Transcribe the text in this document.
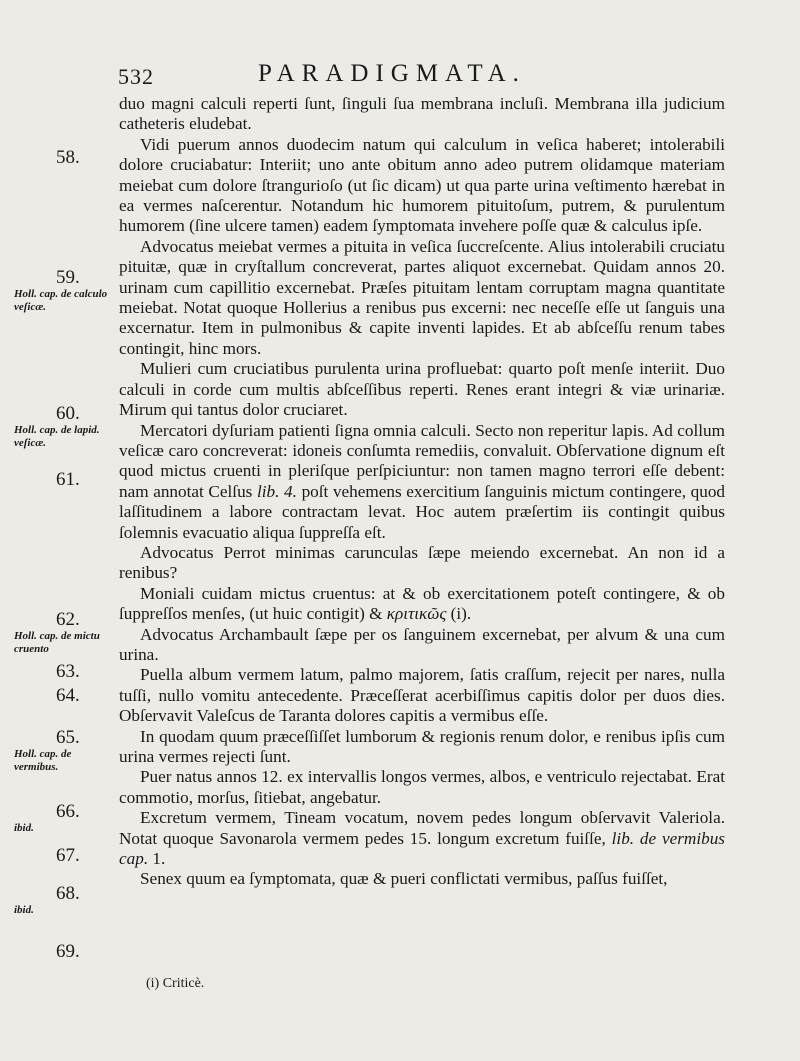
532	PARADIGMATA.

duo magni calculi reperti ſunt, ſinguli ſua membrana incluſi. Membrana illa judicium catheteris eludebat.

Vidi puerum annos duodecim natum qui calculum in veſica haberet; intolerabili dolore cruciabatur: Interiit; uno ante obitum anno adeo putrem olidamque materiam meiebat cum dolore ſtrangurioſo (ut ſic dicam) ut qua parte urina veſtimento hærebat in ea vermes naſcerentur. Notandum hic humorem pituitoſum, putrem, & purulentum humorem (ſine ulcere tamen) eadem ſymptomata invehere poſſe quæ & calculus ipſe.

Advocatus meiebat vermes a pituita in veſica ſuccreſcente. Alius intolerabili cruciatu pituitæ, quæ in cryſtallum concreverat, partes aliquot excernebat. Quidam annos 20. urinam cum capillitio excernebat. Præſes pituitam lentam corruptam magna quantitate meiebat. Notat quoque Hollerius a renibus pus excerni: nec neceſſe eſſe ut ſanguis una excernatur. Item in pulmonibus & capite inventi lapides. Et ab abſceſſu renum tabes contingit, hinc mors.

Mulieri cum cruciatibus purulenta urina profluebat: quarto poſt menſe interiit. Duo calculi in corde cum multis abſceſſibus reperti. Renes erant integri & viæ urinariæ. Mirum qui tantus dolor cruciaret.

Mercatori dyſuriam patienti ſigna omnia calculi. Secto non reperitur lapis. Ad collum veſicæ caro concreverat: idoneis conſumta remediis, convaluit. Obſervatione dignum eſt quod mictus cruenti in pleriſque perſpiciuntur: non tamen magno terrori eſſe debent: nam annotat Celſus lib. 4. poſt vehemens exercitium ſanguinis mictum contingere, quod laſſitudinem a labore contractam levat. Hoc autem præſertim iis contingit quibus ſolemnis evacuatio aliqua ſuppreſſa eſt.

Advocatus Perrot minimas carunculas ſæpe meiendo excernebat. An non id a renibus?

Moniali cuidam mictus cruentus: at & ob exercitationem poteſt contingere, & ob ſuppreſſos menſes, (ut huic contigit) & κριτικῶς (i).

Advocatus Archambault ſæpe per os ſanguinem excernebat, per alvum & una cum urina.

Puella album vermem latum, palmo majorem, ſatis craſſum, rejecit per nares, nulla tuſſi, nullo vomitu antecedente. Præceſſerat acerbiſſimus capitis dolor per duos dies. Obſervavit Valeſcus de Taranta dolores capitis a vermibus eſſe.

In quodam quum præceſſiſſet lumborum & regionis renum dolor, e renibus ipſis cum urina vermes rejecti ſunt.

Puer natus annos 12. ex intervallis longos vermes, albos, e ventriculo rejectabat. Erat commotio, morſus, ſitiebat, angebatur.

Excretum vermem, Tineam vocatum, novem pedes longum obſervavit Valeriola. Notat quoque Savonarola vermem pedes 15. longum excretum fuiſſe, lib. de vermibus cap. 1.

Senex quum ea ſymptomata, quæ & pueri conflictati vermibus, paſſus fuiſſet,

58.
59.
Holl. cap. de calculo veſicæ.
60.
Holl. cap. de lapid. veſicæ.
61.
62.
Holl. cap. de mictu cruento
63.
64.
65.
Holl. cap. de vermibus.
66.
ibid.
67.
68.
ibid.
69.
(i) Criticè.
